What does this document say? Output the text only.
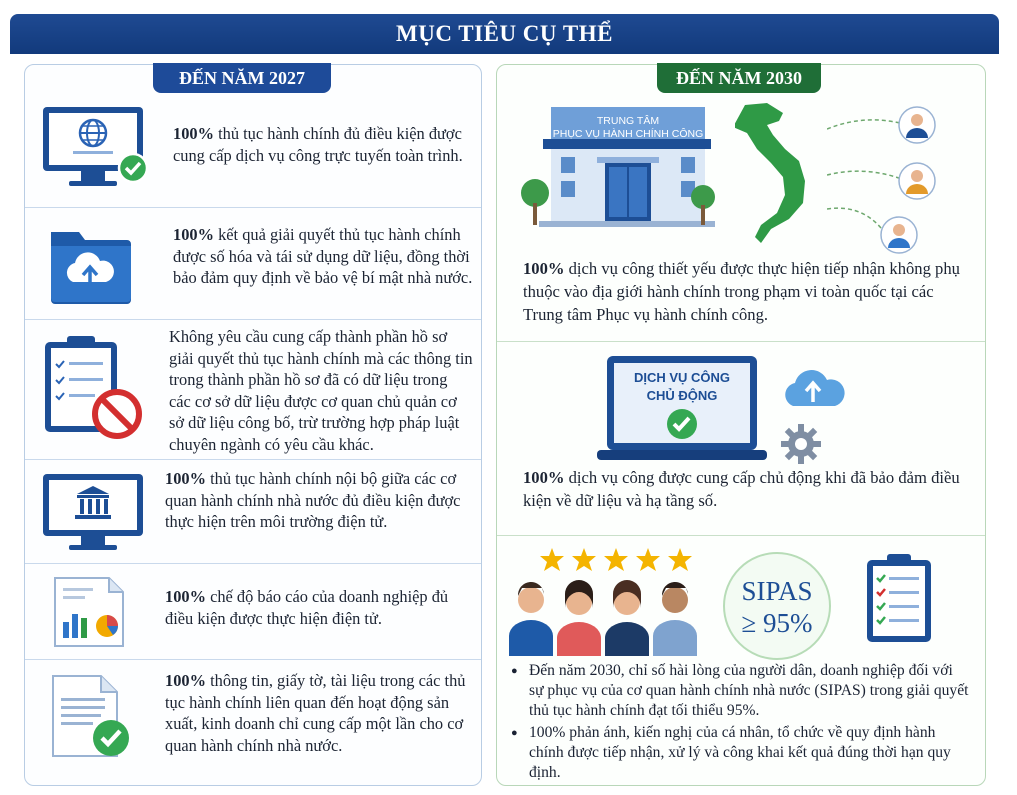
MỤC TIÊU CỤ THỂ
ĐẾN NĂM 2027
100% thủ tục hành chính đủ điều kiện được cung cấp dịch vụ công trực tuyến toàn trình.
100% kết quả giải quyết thủ tục hành chính được số hóa và tái sử dụng dữ liệu, đồng thời bảo đảm quy định về bảo vệ bí mật nhà nước.
Không yêu cầu cung cấp thành phần hồ sơ giải quyết thủ tục hành chính mà các thông tin trong thành phần hồ sơ đã có dữ liệu trong các cơ sở dữ liệu được cơ quan chủ quản cơ sở dữ liệu công bố, trừ trường hợp pháp luật chuyên ngành có yêu cầu khác.
100% thủ tục hành chính nội bộ giữa các cơ quan hành chính nhà nước đủ điều kiện được thực hiện trên môi trường điện tử.
100% chế độ báo cáo của doanh nghiệp đủ điều kiện được thực hiện điện tử.
100% thông tin, giấy tờ, tài liệu trong các thủ tục hành chính liên quan đến hoạt động sản xuất, kinh doanh chỉ cung cấp một lần cho cơ quan hành chính nhà nước.
ĐẾN NĂM 2030
TRUNG TÂM
PHỤC VỤ HÀNH CHÍNH CÔNG
100% dịch vụ công thiết yếu được thực hiện tiếp nhận không phụ thuộc vào địa giới hành chính trong phạm vi toàn quốc tại các Trung tâm Phục vụ hành chính công.
DỊCH VỤ CÔNG
CHỦ ĐỘNG
100% dịch vụ công được cung cấp chủ động khi đã bảo đảm điều kiện về dữ liệu và hạ tầng số.
SIPAS
≥ 95%
● Đến năm 2030, chỉ số hài lòng của người dân, doanh nghiệp đối với sự phục vụ của cơ quan hành chính nhà nước (SIPAS) trong giải quyết thủ tục hành chính đạt tối thiểu 95%.
● 100% phản ánh, kiến nghị của cá nhân, tổ chức về quy định hành chính được tiếp nhận, xử lý và công khai kết quả đúng thời hạn quy định.
